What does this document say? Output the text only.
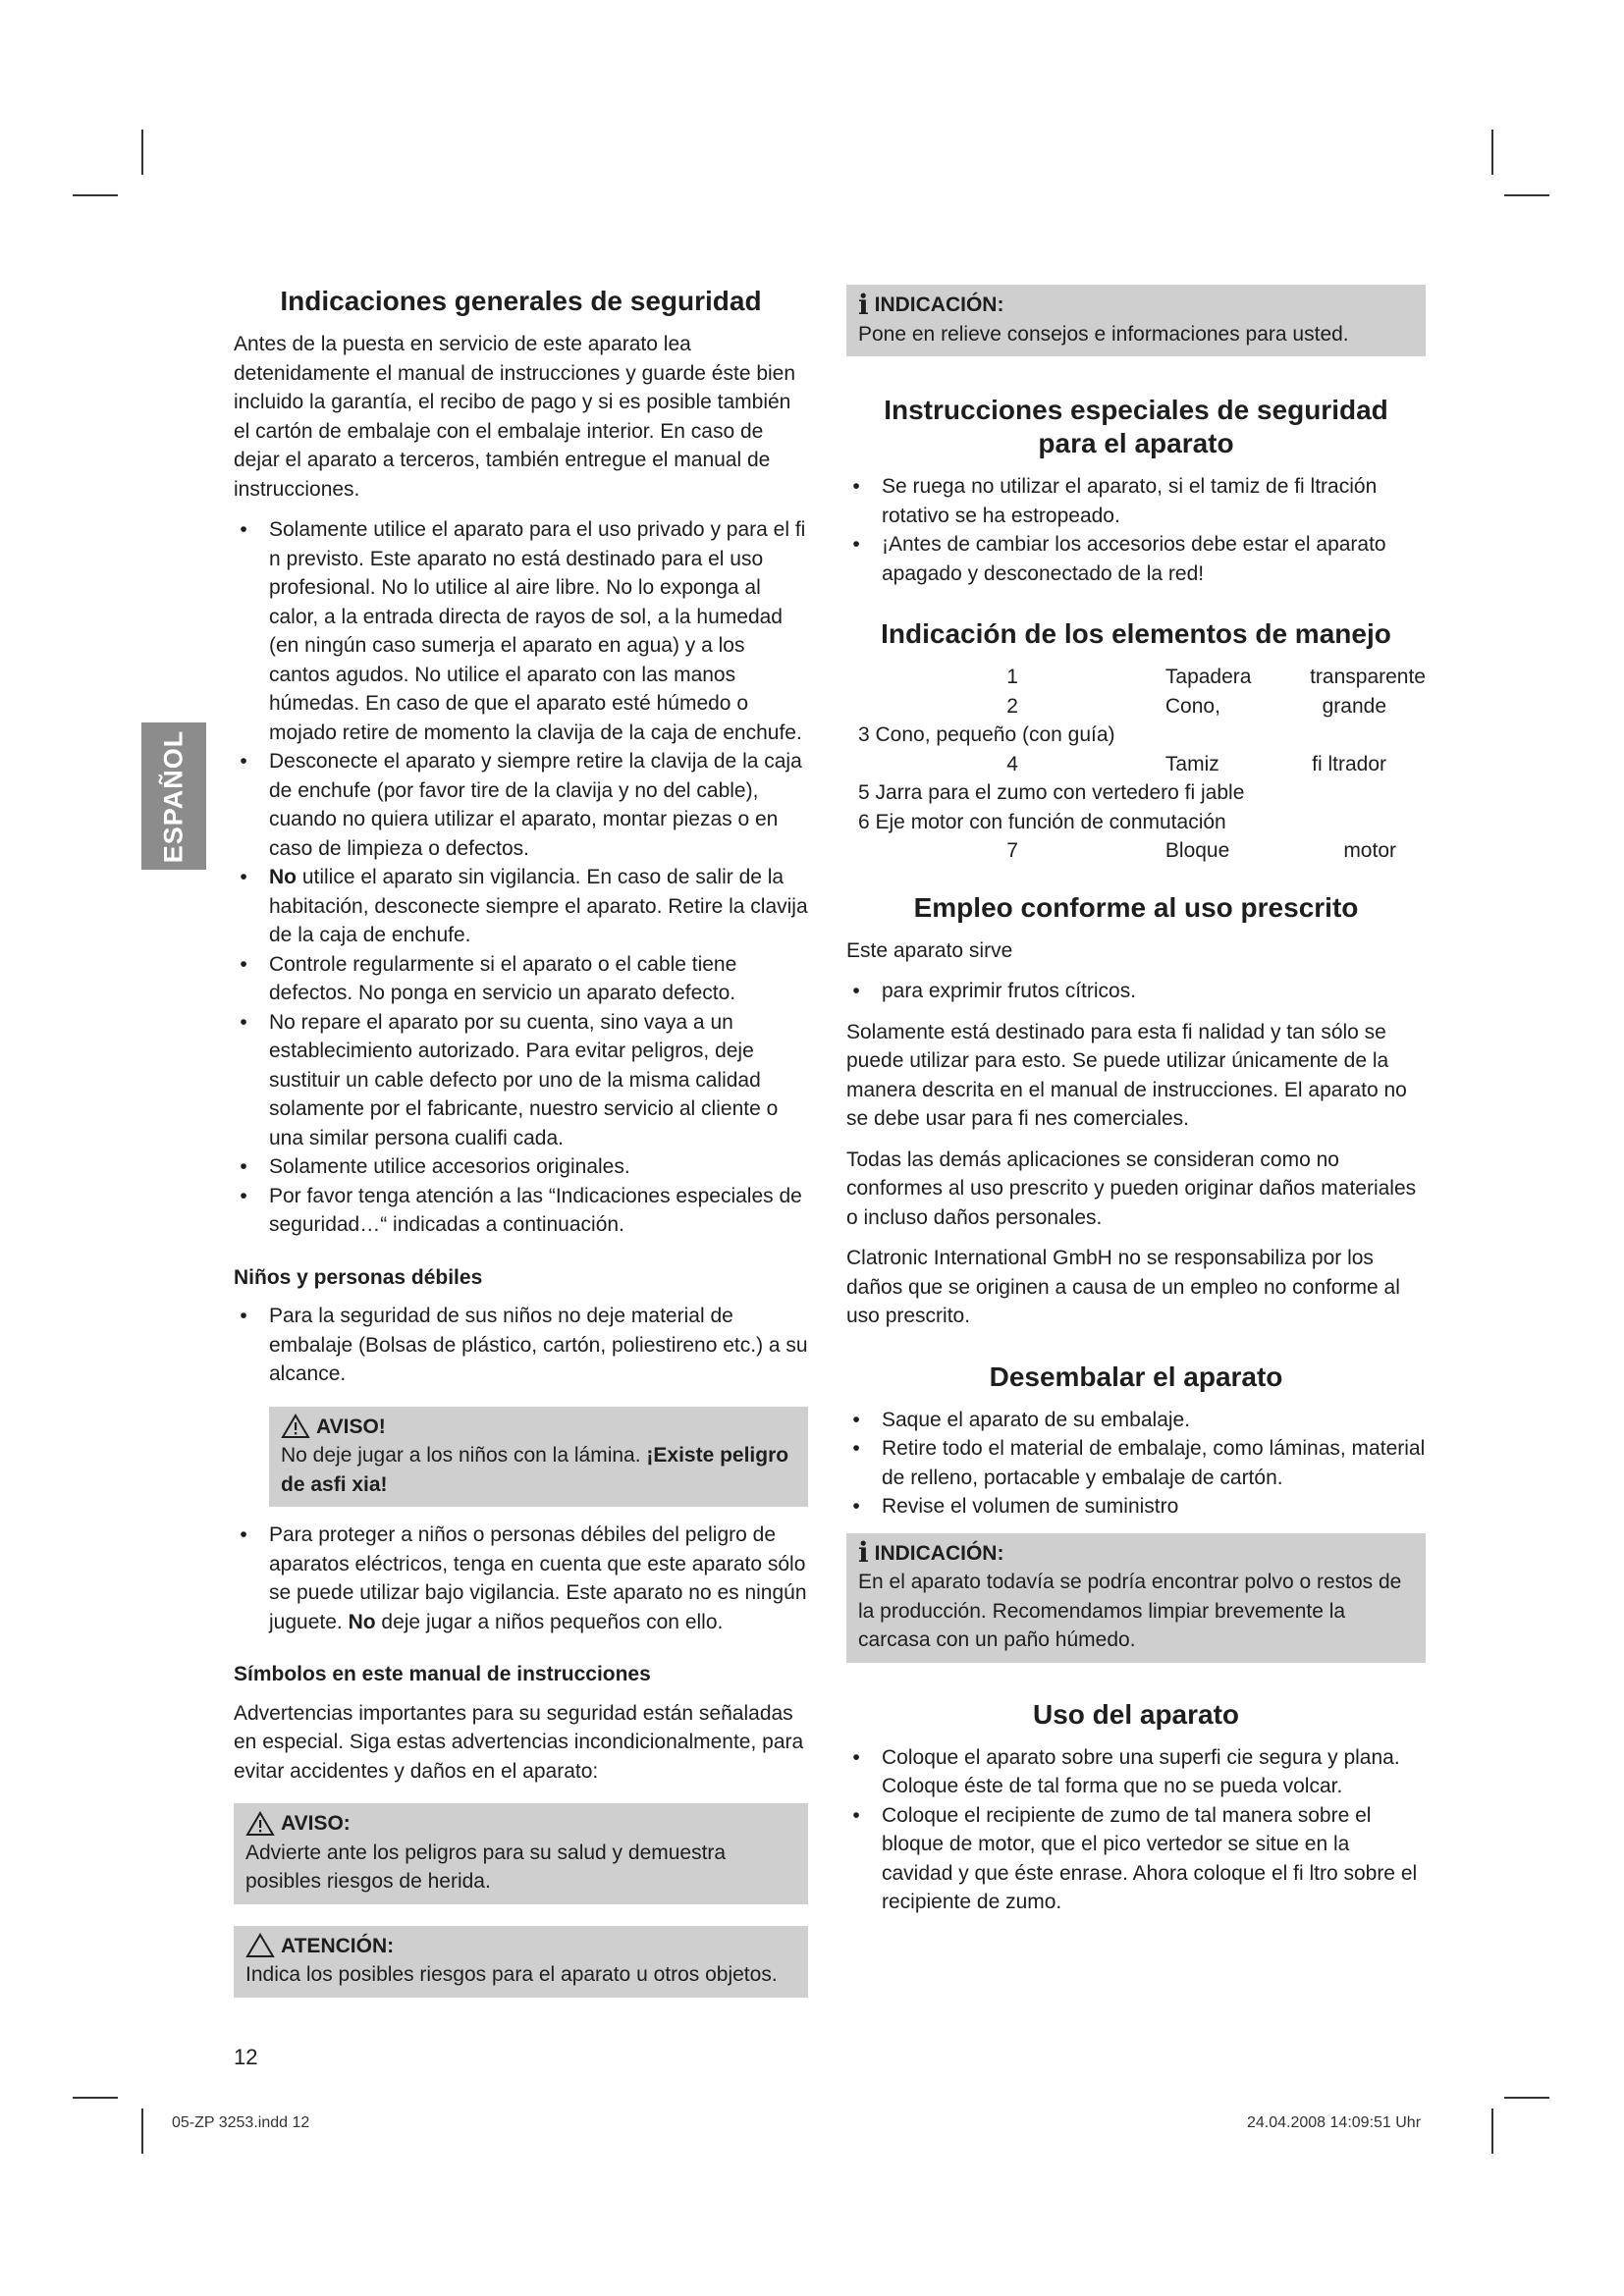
ESPAÑOL
Indicaciones generales de seguridad

Antes de la puesta en servicio de este aparato lea detenidamente el manual de instrucciones y guarde éste bien incluido la garantía, el recibo de pago y si es posible también el cartón de embalaje con el embalaje interior. En caso de dejar el aparato a terceros, también entregue el manual de instrucciones.

• Solamente utilice el aparato para el uso privado y para el fi n previsto. Este aparato no está destinado para el uso profesional. No lo utilice al aire libre. No lo exponga al calor, a la entrada directa de rayos de sol, a la humedad (en ningún caso sumerja el aparato en agua) y a los cantos agudos. No utilice el aparato con las manos húmedas. En caso de que el aparato esté húmedo o mojado retire de momento la clavija de la caja de enchufe.
• Desconecte el aparato y siempre retire la clavija de la caja de enchufe (por favor tire de la clavija y no del cable), cuando no quiera utilizar el aparato, montar piezas o en caso de limpieza o defectos.
• No utilice el aparato sin vigilancia. En caso de salir de la habitación, desconecte siempre el aparato. Retire la clavija de la caja de enchufe.
• Controle regularmente si el aparato o el cable tiene defectos. No ponga en servicio un aparato defecto.
• No repare el aparato por su cuenta, sino vaya a un establecimiento autorizado. Para evitar peligros, deje sustituir un cable defecto por uno de la misma calidad solamente por el fabricante, nuestro servicio al cliente o una similar persona cualifi cada.
• Solamente utilice accesorios originales.
• Por favor tenga atención a las “Indicaciones especiales de seguridad…“ indicadas a continuación.
Niños y personas débiles
• Para la seguridad de sus niños no deje material de embalaje (Bolsas de plástico, cartón, poliestireno etc.) a su alcance.
AVISO!
No deje jugar a los niños con la lámina. ¡Existe peligro de asfi xia!
• Para proteger a niños o personas débiles del peligro de aparatos eléctricos, tenga en cuenta que este aparato sólo se puede utilizar bajo vigilancia. Este aparato no es ningún juguete. No deje jugar a niños pequeños con ello.
Símbolos en este manual de instrucciones

Advertencias importantes para su seguridad están señaladas en especial. Siga estas advertencias incondicionalmente, para evitar accidentes y daños en el aparato:

AVISO:
Advierte ante los peligros para su salud y demuestra posibles riesgos de herida.
ATENCIÓN:
Indica los posibles riesgos para el aparato u otros objetos.
i INDICACIÓN:
Pone en relieve consejos e informaciones para usted.
Instrucciones especiales de seguridad
para el aparato
• Se ruega no utilizar el aparato, si el tamiz de fi ltración rotativo se ha estropeado.
• ¡Antes de cambiar los accesorios debe estar el aparato apagado y desconectado de la red!
Indicación de los elementos de manejo
1	Tapadera	transparente
2	Cono,	grande
3 Cono, pequeño (con guía)		
4	Tamiz	fi ltrador
5 Jarra para el zumo con vertedero fi jable		
6 Eje motor con función de conmutación		
7	Bloque	motor
Empleo conforme al uso prescrito

Este aparato sirve

• para exprimir frutos cítricos.

Solamente está destinado para esta fi nalidad y tan sólo se puede utilizar para esto. Se puede utilizar únicamente de la manera descrita en el manual de instrucciones. El aparato no se debe usar para fi nes comerciales.

Todas las demás aplicaciones se consideran como no conformes al uso prescrito y pueden originar daños materiales o incluso daños personales.

Clatronic International GmbH no se responsabiliza por los daños que se originen a causa de un empleo no conforme al uso prescrito.

Desembalar el aparato
• Saque el aparato de su embalaje.
• Retire todo el material de embalaje, como láminas, material de relleno, portacable y embalaje de cartón.
• Revise el volumen de suministro
i INDICACIÓN:
En el aparato todavía se podría encontrar polvo o restos de la producción. Recomendamos limpiar brevemente la carcasa con un paño húmedo.
Uso del aparato
• Coloque el aparato sobre una superfi cie segura y plana. Coloque éste de tal forma que no se pueda volcar.
• Coloque el recipiente de zumo de tal manera sobre el bloque de motor, que el pico vertedor se situe en la cavidad y que éste enrase. Ahora coloque el fi ltro sobre el recipiente de zumo.
12
05-ZP 3253.indd 12	24.04.2008 14:09:51 Uhr
